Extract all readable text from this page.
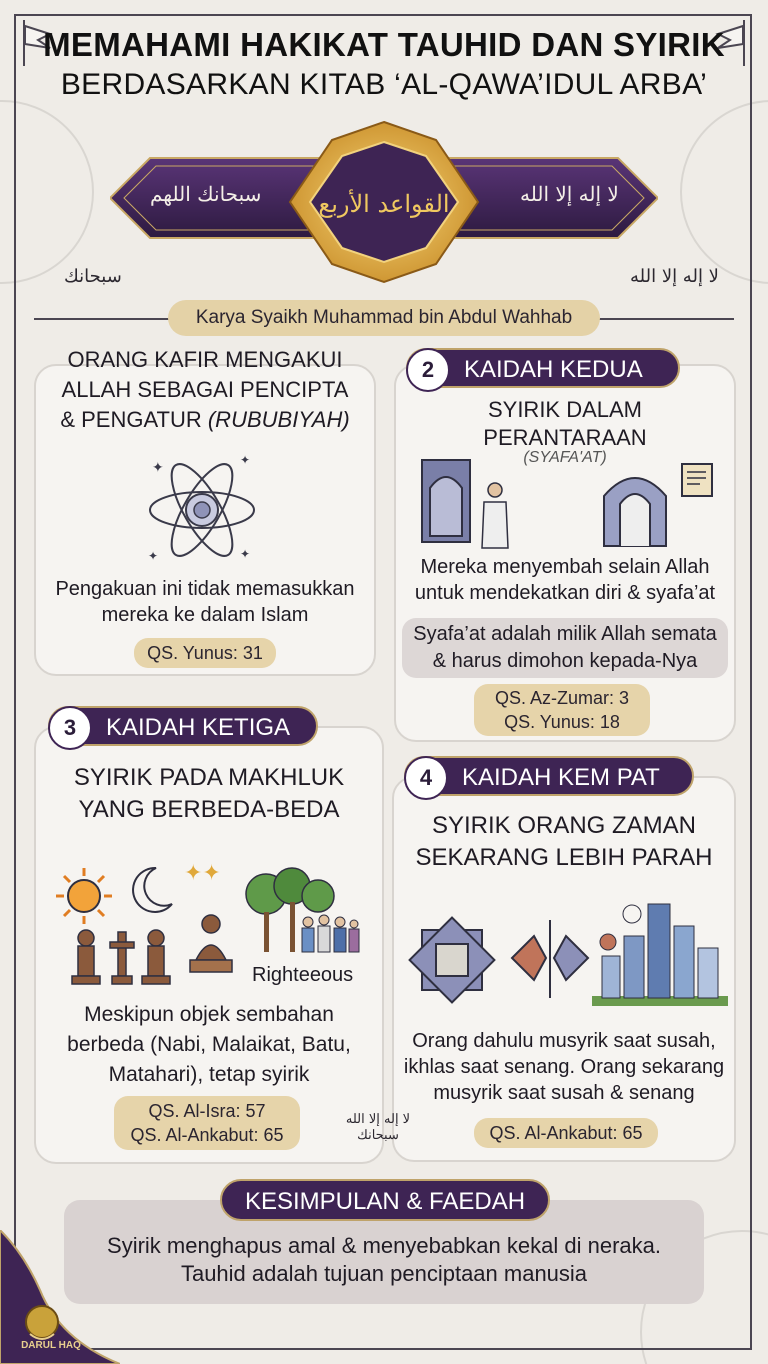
MEMAHAMI HAKIKAT TAUHID DAN SYIRIK
BERDASARKAN KITAB ‘AL-QAWA’IDUL ARBA’
سبحانك اللهم	لا إله إلا الله
القواعد الأربع
سبحانك	لا إله إلا الله
Karya Syaikh Muhammad bin Abdul Wahhab
ORANG KAFIR MENGAKUI
ALLAH SEBAGAI PENCIPTA
& PENGATUR (RUBUBIYAH)
✦	✦
✦	✦
Pengakuan ini tidak memasukkan
mereka ke dalam Islam
QS. Yunus: 31
2	KAIDAH KEDUA
SYIRIK DALAM
PERANTARAAN
(SYAFA'AT)
Mereka menyembah selain Allah
untuk mendekatkan diri & syafa’at
Syafa’at adalah milik Allah semata
& harus dimohon kepada-Nya
QS. Az-Zumar: 3
QS. Yunus: 18
3	KAIDAH KETIGA
SYIRIK PADA MAKHLUK
YANG BERBEDA-BEDA
✦✦
Righteeous
Meskipun objek sembahan
berbeda (Nabi, Malaikat, Batu,
Matahari), tetap syirik
QS. Al-Isra: 57
QS. Al-Ankabut: 65
4	KAIDAH KEM PAT
SYIRIK ORANG ZAMAN
SEKARANG LEBIH PARAH
Orang dahulu musyrik saat susah,
ikhlas saat senang. Orang sekarang
musyrik saat susah & senang
QS. Al-Ankabut: 65
لا إله إلا الله سبحانك
KESIMPULAN & FAEDAH
Syirik menghapus amal & menyebabkan kekal di neraka.
Tauhid adalah tujuan penciptaan manusia
DARUL HAQ
